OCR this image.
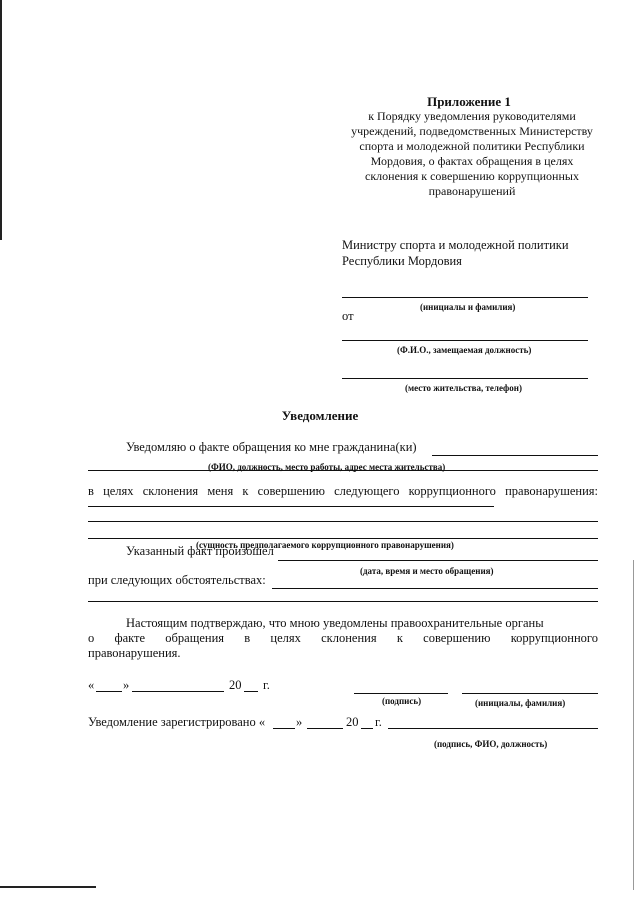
Приложение 1
к Порядку уведомления руководителями учреждений, подведомственных Министерству спорта и молодежной политики Республики Мордовия, о фактах обращения в целях склонения к совершению коррупционных правонарушений
Министру спорта и молодежной политики Республики Мордовия
(инициалы и фамилия)
от
(Ф.И.О., замещаемая должность)
(место жительства, телефон)
Уведомление
Уведомляю о факте обращения ко мне гражданина(ки)
(ФИО, должность, место работы, адрес места жительства)
в целях склонения меня к совершению следующего коррупционного правонарушения:
(сущность предполагаемого коррупционного правонарушения)
Указанный факт произошел
(дата, время и место обращения)
при следующих обстоятельствах:
Настоящим подтверждаю, что мною уведомлены правоохранительные органы
о факте обращения в целях склонения к совершению коррупционного
правонарушения.
« »	20 г.
(подпись)	(инициалы, фамилия)
Уведомление зарегистрировано « »	20 г.
(подпись, ФИО, должность)
